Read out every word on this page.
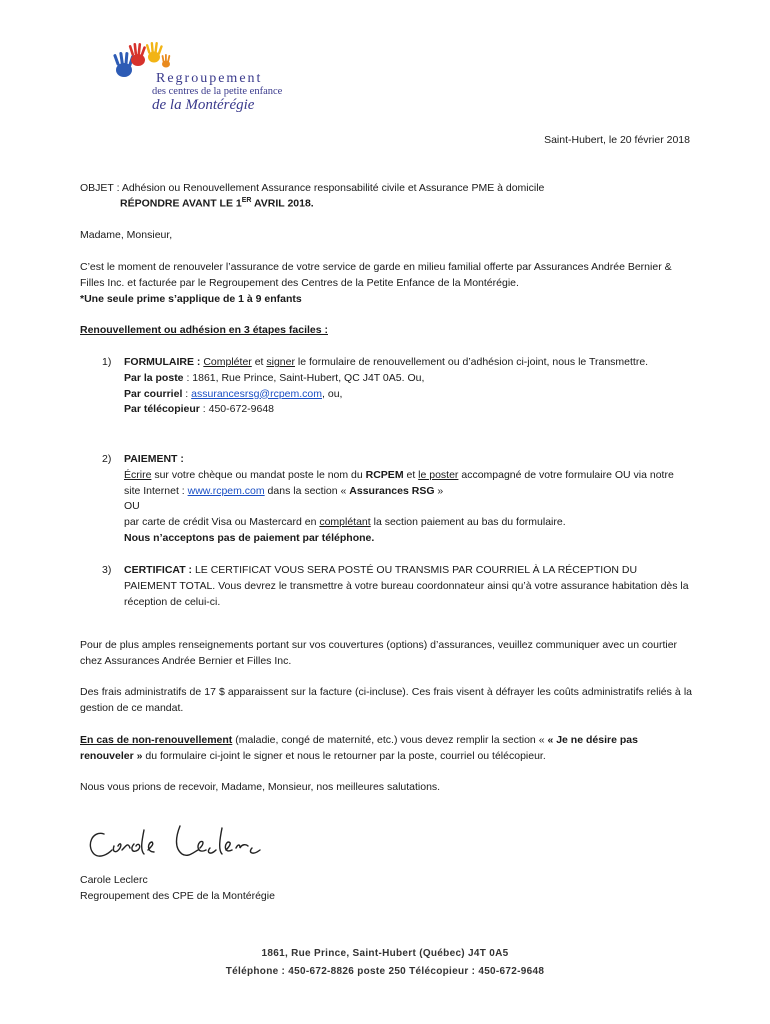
Regroupement
des centres de la petite enfance
de la Montérégie
Saint-Hubert, le 20 février 2018
OBJET : Adhésion ou Renouvellement Assurance responsabilité civile et Assurance PME à domicile
RÉPONDRE AVANT LE 1ER AVRIL 2018.
Madame, Monsieur,
C’est le moment de renouveler l’assurance de votre service de garde en milieu familial offerte par Assurances Andrée Bernier & Filles Inc. et facturée par le Regroupement des Centres de la Petite Enfance de la Montérégie.
*Une seule prime s’applique de 1 à 9 enfants
Renouvellement ou adhésion en 3 étapes faciles :
1)	FORMULAIRE : Compléter et signer le formulaire de renouvellement ou d’adhésion ci-joint, nous le Transmettre.
Par la poste : 1861, Rue Prince, Saint-Hubert, QC J4T 0A5. Ou,
Par courriel : assurancesrsg@rcpem.com, ou,
Par télécopieur : 450-672-9648
2)	PAIEMENT :
Écrire sur votre chèque ou mandat poste le nom du RCPEM et le poster accompagné de votre formulaire OU via notre site Internet : www.rcpem.com dans la section « Assurances RSG »
OU
par carte de crédit Visa ou Mastercard en complétant la section paiement au bas du formulaire.
Nous n’acceptons pas de paiement par téléphone.
3)	CERTIFICAT : LE CERTIFICAT VOUS SERA POSTÉ OU TRANSMIS PAR COURRIEL À LA RÉCEPTION DU PAIEMENT TOTAL. Vous devrez le transmettre à votre bureau coordonnateur ainsi qu’à votre assurance habitation dès la réception de celui-ci.
Pour de plus amples renseignements portant sur vos couvertures (options) d’assurances, veuillez communiquer avec un courtier chez Assurances Andrée Bernier et Filles Inc.
Des frais administratifs de 17 $ apparaissent sur la facture (ci-incluse). Ces frais visent à défrayer les coûts administratifs reliés à la gestion de ce mandat.
En cas de non-renouvellement (maladie, congé de maternité, etc.) vous devez remplir la section « « Je ne désire pas renouveler » du formulaire ci-joint le signer et nous le retourner par la poste, courriel ou télécopieur.
Nous vous prions de recevoir, Madame, Monsieur, nos meilleures salutations.
Carole Leclerc
Regroupement des CPE de la Montérégie
1861, Rue Prince, Saint-Hubert (Québec) J4T 0A5
Téléphone : 450-672-8826 poste 250 Télécopieur : 450-672-9648
